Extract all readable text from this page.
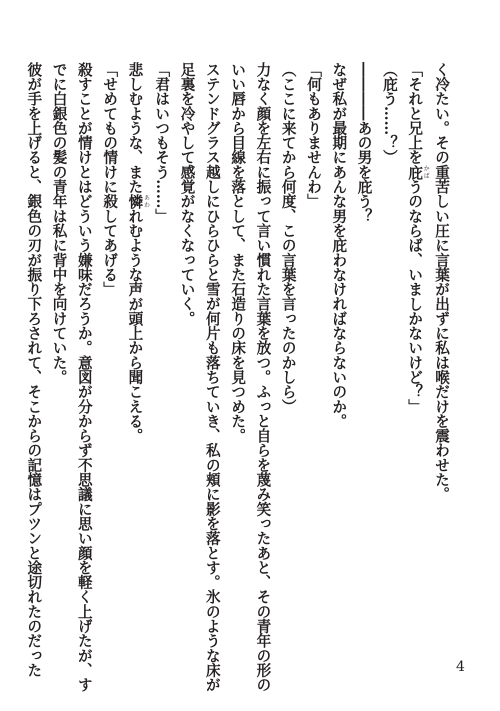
く冷たい。その重苦しい圧に言葉が出ずに私は喉だけを震わせた。
「それと兄上を庇 かばうのならば、いましかないけど？」
（庇う……？）
――――あの男を庇う？
なぜ私が最期にあんな男を庇わなければならないのか。
「何もありませんわ」
（ここに来てから何度、この言葉を言ったのかしら）
力なく顔を左右に振って言い慣れた言葉を放つ。ふっと自らを蔑み笑ったあと、その青年の形の
いい唇から目線を落として、また石造りの床を見つめた。
ステンドグラス越しにひらひらと雪が何片も落ちていき、私の頬に影を落とす。氷のような床が
足裏を冷やして感覚がなくなっていく。
「君はいつもそう……」
悲しむような、また憐 あわれむような声が頭上から聞こえる。
「せめてもの情けに殺してあげる」
殺すことが情けとはどういう嫌味だろうか。意図が分からず不思議に思い顔を軽く上げたが、す
でに白銀色の髪の青年は私に背中を向けていた。
彼が手を上げると、銀色の刃が振り下ろされて、そこからの記憶はプツンと途切れたのだった	4
